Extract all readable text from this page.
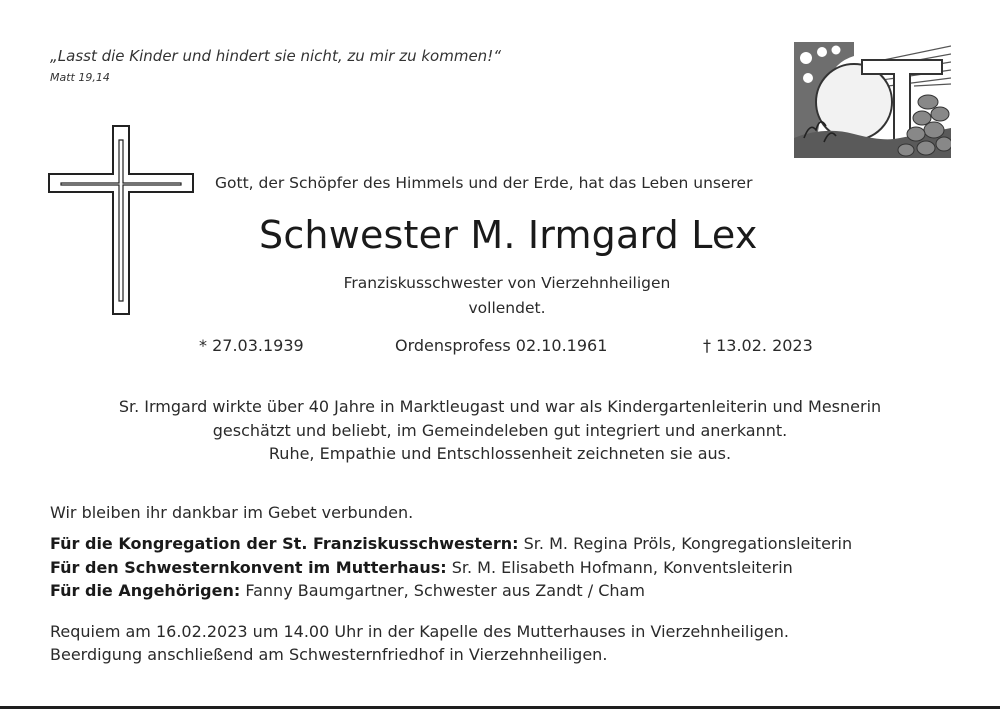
„Lasst die Kinder und hindert sie nicht, zu mir zu kommen!“

Matt 19,14

Gott, der Schöpfer des Himmels und der Erde, hat das Leben unserer

Schwester M. Irmgard Lex

Franziskusschwester von Vierzehnheiligen

vollendet.

* 27.03.1939	Ordensprofess 02.10.1961	† 13.02. 2023

Sr. Irmgard wirkte über 40 Jahre in Marktleugast und war als Kindergartenleiterin und Mesnerin

geschätzt und beliebt, im Gemeindeleben gut integriert und anerkannt.

Ruhe, Empathie und Entschlossenheit zeichneten sie aus.

Wir bleiben ihr dankbar im Gebet verbunden.

Für die Kongregation der St. Franziskusschwestern: Sr. M. Regina Pröls, Kongregationsleiterin

Für den Schwesternkonvent im Mutterhaus: Sr. M. Elisabeth Hofmann, Konventsleiterin

Für die Angehörigen: Fanny Baumgartner, Schwester aus Zandt / Cham

Requiem am 16.02.2023 um 14.00 Uhr in der Kapelle des Mutterhauses in Vierzehnheiligen.

Beerdigung anschließend am Schwesternfriedhof in Vierzehnheiligen.
